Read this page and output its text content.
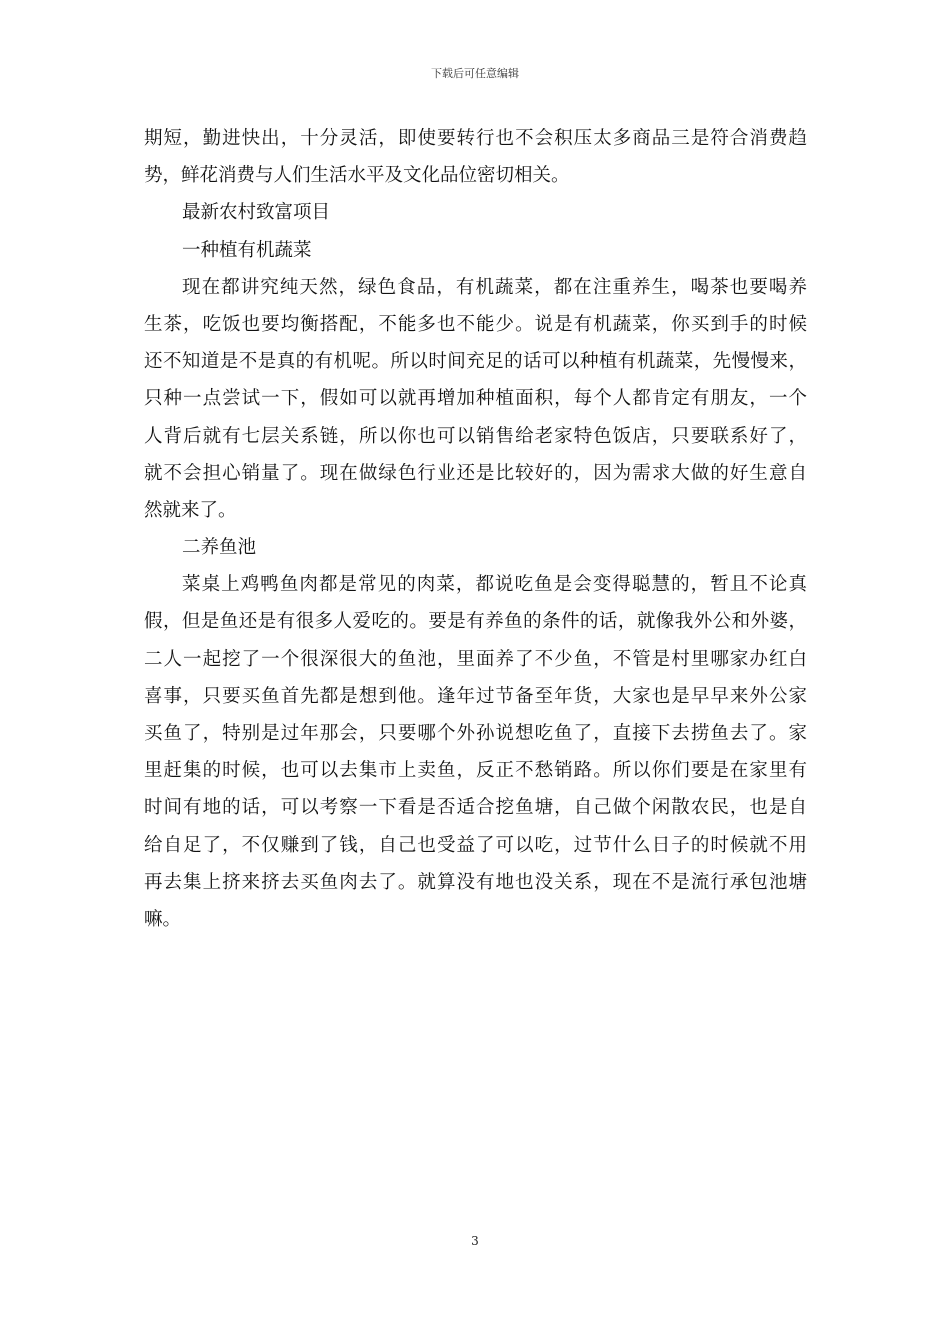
下载后可任意编辑
期短，勤进快出，十分灵活，即使要转行也不会积压太多商品三是符合消费趋
势，鲜花消费与人们生活水平及文化品位密切相关。
最新农村致富项目
一种植有机蔬菜
现在都讲究纯天然，绿色食品，有机蔬菜，都在注重养生，喝茶也要喝养
生茶，吃饭也要均衡搭配，不能多也不能少。说是有机蔬菜，你买到手的时候
还不知道是不是真的有机呢。所以时间充足的话可以种植有机蔬菜，先慢慢来，
只种一点尝试一下，假如可以就再增加种植面积，每个人都肯定有朋友，一个
人背后就有七层关系链，所以你也可以销售给老家特色饭店，只要联系好了，
就不会担心销量了。现在做绿色行业还是比较好的，因为需求大做的好生意自
然就来了。
二养鱼池
菜桌上鸡鸭鱼肉都是常见的肉菜，都说吃鱼是会变得聪慧的，暂且不论真
假，但是鱼还是有很多人爱吃的。要是有养鱼的条件的话，就像我外公和外婆，
二人一起挖了一个很深很大的鱼池，里面养了不少鱼，不管是村里哪家办红白
喜事，只要买鱼首先都是想到他。逢年过节备至年货，大家也是早早来外公家
买鱼了，特别是过年那会，只要哪个外孙说想吃鱼了，直接下去捞鱼去了。家
里赶集的时候，也可以去集市上卖鱼，反正不愁销路。所以你们要是在家里有
时间有地的话，可以考察一下看是否适合挖鱼塘，自己做个闲散农民，也是自
给自足了，不仅赚到了钱，自己也受益了可以吃，过节什么日子的时候就不用
再去集上挤来挤去买鱼肉去了。就算没有地也没关系，现在不是流行承包池塘
嘛。
3
